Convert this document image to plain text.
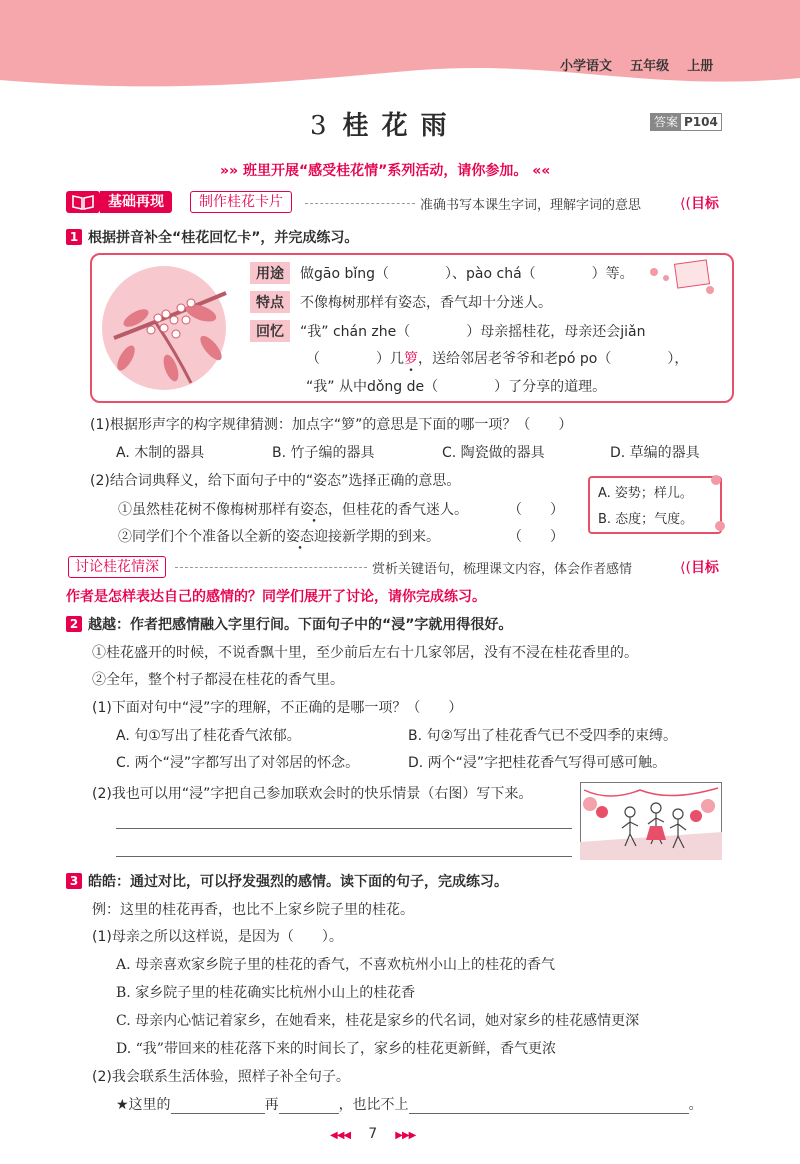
小学语文 五年级 上册
3 桂 花 雨	答案 P104
»» 班里开展“感受桂花情”系列活动，请你参加。 ««
基础再现	制作桂花卡片	准确书写本课生字词，理解字词的意思	⟨(目标
1 根据拼音补全“桂花回忆卡”，并完成练习。
用途 做gāo bǐng（　　　　）、pào chá（　　　　）等。
特点 不像梅树那样有姿态，香气却十分迷人。
回忆 “我” chán zhe（　　　　）母亲摇桂花，母亲还会jiǎn
（　　　　）几箩，送给邻居老爷爷和老pó po（　　　　），
“我” 从中dǒng de（　　　　）了分享的道理。
(1)根据形声字的构字规律猜测：加点字“箩”的意思是下面的哪一项？（　　）
A. 木制的器具	B. 竹子编的器具	C. 陶瓷做的器具	D. 草编的器具
(2)结合词典释义，给下面句子中的“姿态”选择正确的意思。
①虽然桂花树不像梅树那样有姿态，但桂花的香气迷人。	（　　）
②同学们个个准备以全新的姿态迎接新学期的到来。	（　　）
A. 姿势；样儿。
B. 态度；气度。
讨论桂花情深	赏析关键语句，梳理课文内容，体会作者感情	⟨(目标
作者是怎样表达自己的感情的？同学们展开了讨论，请你完成练习。
2 越越：作者把感情融入字里行间。下面句子中的“浸”字就用得很好。
①桂花盛开的时候，不说香飘十里，至少前后左右十几家邻居，没有不浸在桂花香里的。
②全年，整个村子都浸在桂花的香气里。
(1)下面对句中“浸”字的理解，不正确的是哪一项？（　　）
A. 句①写出了桂花香气浓郁。	B. 句②写出了桂花香气已不受四季的束缚。
C. 两个“浸”字都写出了对邻居的怀念。	D. 两个“浸”字把桂花香气写得可感可触。
(2)我也可以用“浸”字把自己参加联欢会时的快乐情景（右图）写下来。
3 皓皓：通过对比，可以抒发强烈的感情。读下面的句子，完成练习。
例：这里的桂花再香，也比不上家乡院子里的桂花。
(1)母亲之所以这样说，是因为（　　）。
A. 母亲喜欢家乡院子里的桂花的香气，不喜欢杭州小山上的桂花的香气
B. 家乡院子里的桂花确实比杭州小山上的桂花香
C. 母亲内心惦记着家乡，在她看来，桂花是家乡的代名词，她对家乡的桂花感情更深
D. “我”带回来的桂花落下来的时间长了，家乡的桂花更新鲜，香气更浓
(2)我会联系生活体验，照样子补全句子。
★这里的	再	，也比不上	。
◀◀◀ 7 ▶▶▶
